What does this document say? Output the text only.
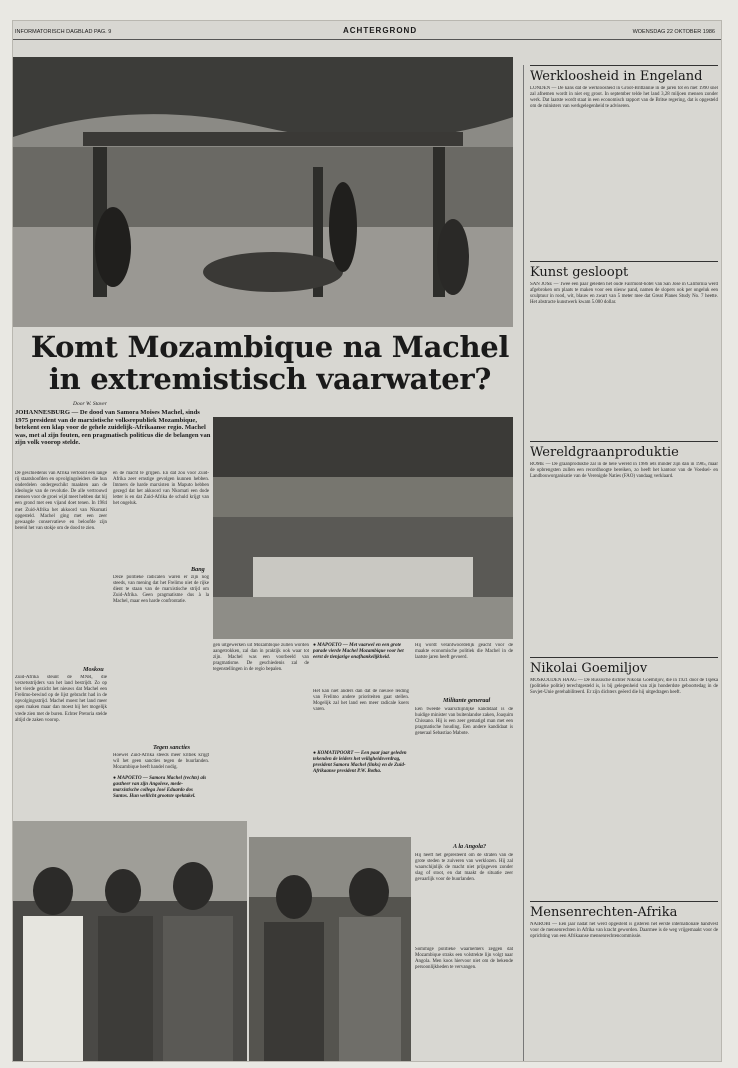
INFORMATORISCH DAGBLAD PAG. 9	ACHTERGROND	WOENSDAG 22 OKTOBER 1986
Komt Mozambique na Machel in extremistisch vaarwater?
Door W. Staver
JOHANNESBURG — De dood van Samora Moises Machel, sinds 1975 president van de marxistische volksrepubliek Mozambique, betekent een klap voor de gehele zuidelijk-Afrikaanse regio. Machel was, met al zijn fouten, een pragmatisch politicus die de belangen van zijn volk voorop stelde.
De geschiedenis van Afrika vertoont een lange rij staatshoofden en opvolgingsleiders die hun onderdelen ondergeschikt maakten aan de ideologie van de revolutie. De alle vertrouwd mensen voor de groei wijd meet hebben dat hij een grond met een vijand doet tenen. In 1984 met Zuid-Afrika het akkoord van Nkomati opgesteld. Machel ging met een zeer gewaagde conservatieve en beloofde zijn bereid het van stokje om de dood te zien.
Moskou
Zuid-Afrika steunt de MNR, die verzetsstrijders van het land bestrijdt. Zo op het vierde gezicht het nieuws dat Machel een Frelimo-bewind op de lijst gebracht had in de opvolgingsstrijd. Machel moest het land meer open maken maar dan moest hij het mogelijk vrede zien met de buren. Echter Pretoria stelde altijd de zaken voorop.
en de macht te grijpen. En dat zou voor Zuid-Afrika zeer ernstige gevolgen kunnen hebben. Immers de harde marxisten in Maputo hebben gezegd dat het akkoord van Nkomati een dode letter is en dat Zuid-Afrika de schuld krijgt van het ongeluk.
Bang
Deze politieke radicalen waren er zijn nog steeds, van mening dat het Frelimo niet de rijke dient te staan van de marxistische strijd om Zuid-Afrika. Geen pragmatisme dus à la Machel, maar een harde confrontatie.
Tegen sancties
Hoewel Zuid-Afrika steeds meer kritiek krijgt wil het geen sancties tegen de buurlanden. Mozambique heeft handel nodig.
● MAPOETO — Samora Machel (rechts) als gastheer van zijn Angolese, mede-marxistische collega José Eduardo dos Santos. Hun wellicht grootste spektakel.
gen uitgewerken uit Mozambique zullen worden aangetrokken, zal dan in praktijk ook waar tot zijn. Machel was een voorbeeld van pragmatisme. De geschiedenis zal de tegenstellingen in de regio bepalen.
● MAPOETO — Met vaarwel en een grote parade vierde Machel Mozambique voor het eerst de tienjarige onafhankelijkheid.
Het kan niet anders dan dat de nieuwe leiding van Frelimo andere prioriteiten gaat stellen. Mogelijk zal het land een meer radicale koers varen.
● KOMATIPOORT — Een paar jaar geleden tekenden de leiders het veiligheidsverdrag, president Samora Machel (links) en de Zuid-Afrikaanse president P.W. Botha.
Hij wordt verantwoordelijk geacht voor de maakte economische politiek die Machel in de laatste jaren heeft gevoerd.
Militante generaal
Een tweede waarschijnlijke kandidaat is de huidige minister van buitenlandse zaken, Joaquim Chissano. Hij is een zeer gematigd man met een pragmatische houding. Een andere kandidaat is generaal Sebastiao Mabote.
A la Angola?
Hij heeft het gepresteerd om de straten van de grote steden te zuiveren van werklozen. Hij zal waarschijnlijk de macht niet prijsgeven zonder slag of stoot, en dat maakt de situatie zeer gevaarlijk voor de buurlanden.
Sommige politieke waarnemers zeggen dat Mozambique straks een volstrekte lijn volgt naar Angola. Men koos hiervoor niet om de bekende persoonlijkheden te vervangen.
Werkloosheid in Engeland
LONDEN — De kans dat de werkloosheid in Groot-Brittannië in de jaren tot en met 1990 snel zal afnemen wordt in niet erg groot. In september telde het land 3,28 miljoen mensen zonder werk. Dat laatste wordt staat in een economisch rapport van de Britse regering, dat is opgesteld om de ministers van werkgelegenheid te adviseren.
Kunst gesloopt
SAN JOSE — Twee een paar geleden het oude Fairmont-hotel van San Jose in California werd afgebroken om plaats te maken voor een nieuw pand, namen de slopers ook per ongeluk een sculptuur in rood, wit, blauw en zwart van 5 meter mee dat Great Planes Study No. 7 heette. Het abstracte kunstwerk kwam 5.000 dollar.
Wereldgraanproduktie
ROME — De graanproduktie zal in de hele wereld in 1986 iets minder zijn dan in 1985, maar de opbrengsten zullen een recordhoogte bereiken, zo heeft het kantoor van de Voedsel- en Landbouworganisatie van de Verenigde Naties (FAO) vandaag verklaard.
Nikolai Goemiljov
MOSKOUDEN HAAG — De Russische dichter Nikolai Goemiljov, die in 1921 door de Tsjeka (politieke politie) terechtgesteld is, is bij gelegenheid van zijn honderdste geboortedag in de Sovjet-Unie gerehabiliteerd. Er zijn dichters geëerd die hij uitgedragen heeft.
Mensenrechten-Afrika
NAIROBI — Een jaar nadat het werd opgesteld is gisteren het eerste internationale handvest voor de mensenrechten in Afrika van kracht geworden. Daarmee is de weg vrijgemaakt voor de oprichting van een Afrikaanse mensenrechtencommissie.
